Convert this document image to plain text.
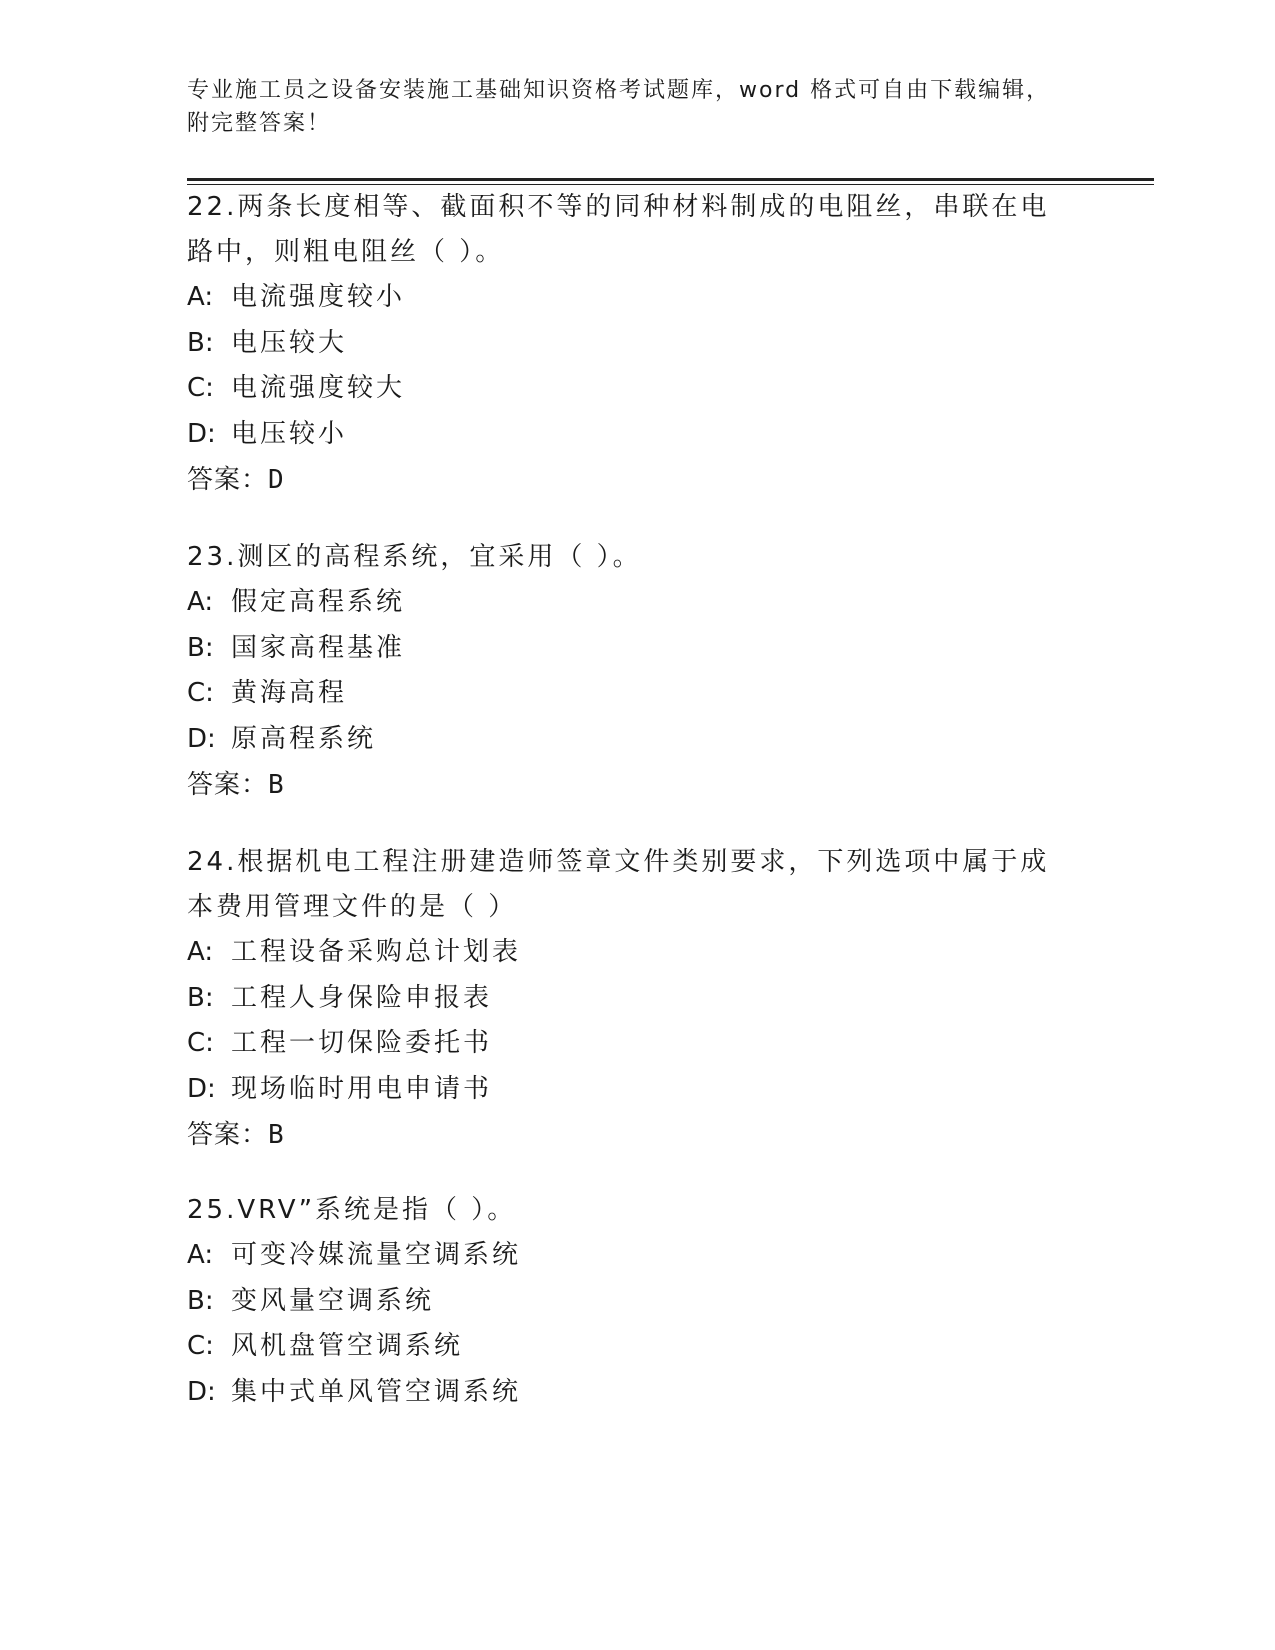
专业施工员之设备安装施工基础知识资格考试题库，word 格式可自由下载编辑，
附完整答案！

22.两条长度相等、截面积不等的同种材料制成的电阻丝，串联在电路中，则粗电阻丝（ ）。

A: 电流强度较小
B: 电压较大
C: 电流强度较大
D: 电压较小
答案：D

23.测区的高程系统，宜采用（ ）。

A: 假定高程系统
B: 国家高程基准
C: 黄海高程
D: 原高程系统
答案：B

24.根据机电工程注册建造师签章文件类别要求，下列选项中属于成本费用管理文件的是（ ）

A: 工程设备采购总计划表
B: 工程人身保险申报表
C: 工程一切保险委托书
D: 现场临时用电申请书
答案：B

25.VRV”系统是指（ ）。

A: 可变冷媒流量空调系统
B: 变风量空调系统
C: 风机盘管空调系统
D: 集中式单风管空调系统
